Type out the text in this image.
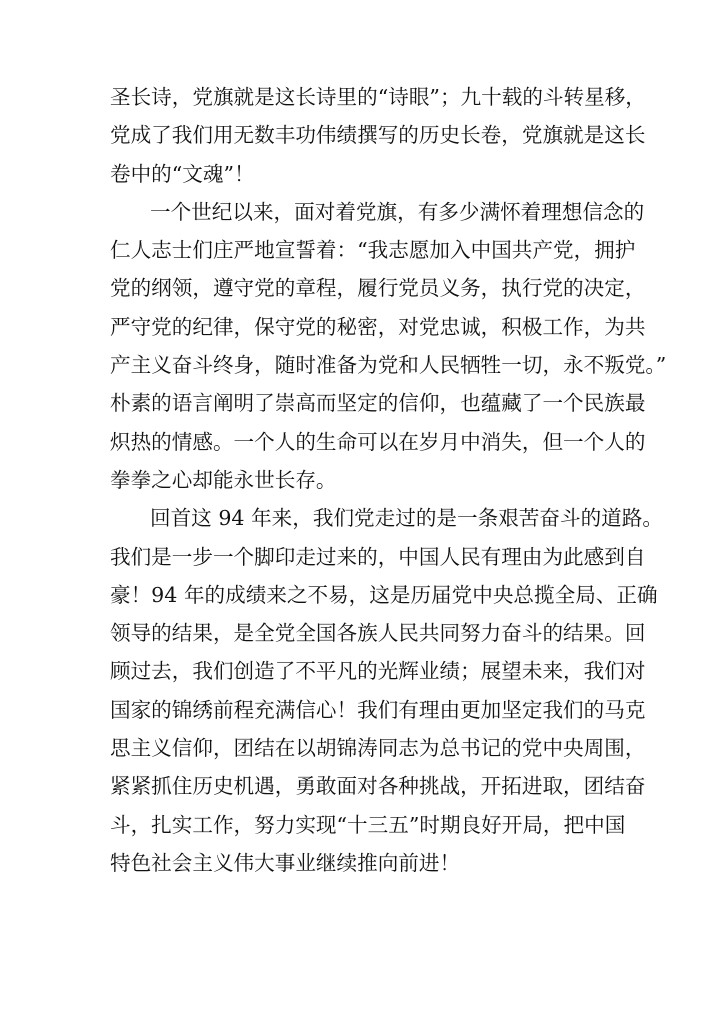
圣长诗，党旗就是这长诗里的“诗眼”；九十载的斗转星移，
党成了我们用无数丰功伟绩撰写的历史长卷，党旗就是这长
卷中的“文魂”！
一个世纪以来，面对着党旗，有多少满怀着理想信念的
仁人志士们庄严地宣誓着：“我志愿加入中国共产党，拥护
党的纲领，遵守党的章程，履行党员义务，执行党的决定，
严守党的纪律，保守党的秘密，对党忠诚，积极工作，为共
产主义奋斗终身，随时准备为党和人民牺牲一切，永不叛党。”
朴素的语言阐明了崇高而坚定的信仰，也蕴藏了一个民族最
炽热的情感。一个人的生命可以在岁月中消失，但一个人的
拳拳之心却能永世长存。
回首这 94 年来，我们党走过的是一条艰苦奋斗的道路。
我们是一步一个脚印走过来的，中国人民有理由为此感到自
豪！94 年的成绩来之不易，这是历届党中央总揽全局、正确
领导的结果，是全党全国各族人民共同努力奋斗的结果。回
顾过去，我们创造了不平凡的光辉业绩；展望未来，我们对
国家的锦绣前程充满信心！我们有理由更加坚定我们的马克
思主义信仰，团结在以胡锦涛同志为总书记的党中央周围，
紧紧抓住历史机遇，勇敢面对各种挑战，开拓进取，团结奋
斗，扎实工作，努力实现“十三五”时期良好开局，把中国
特色社会主义伟大事业继续推向前进！
